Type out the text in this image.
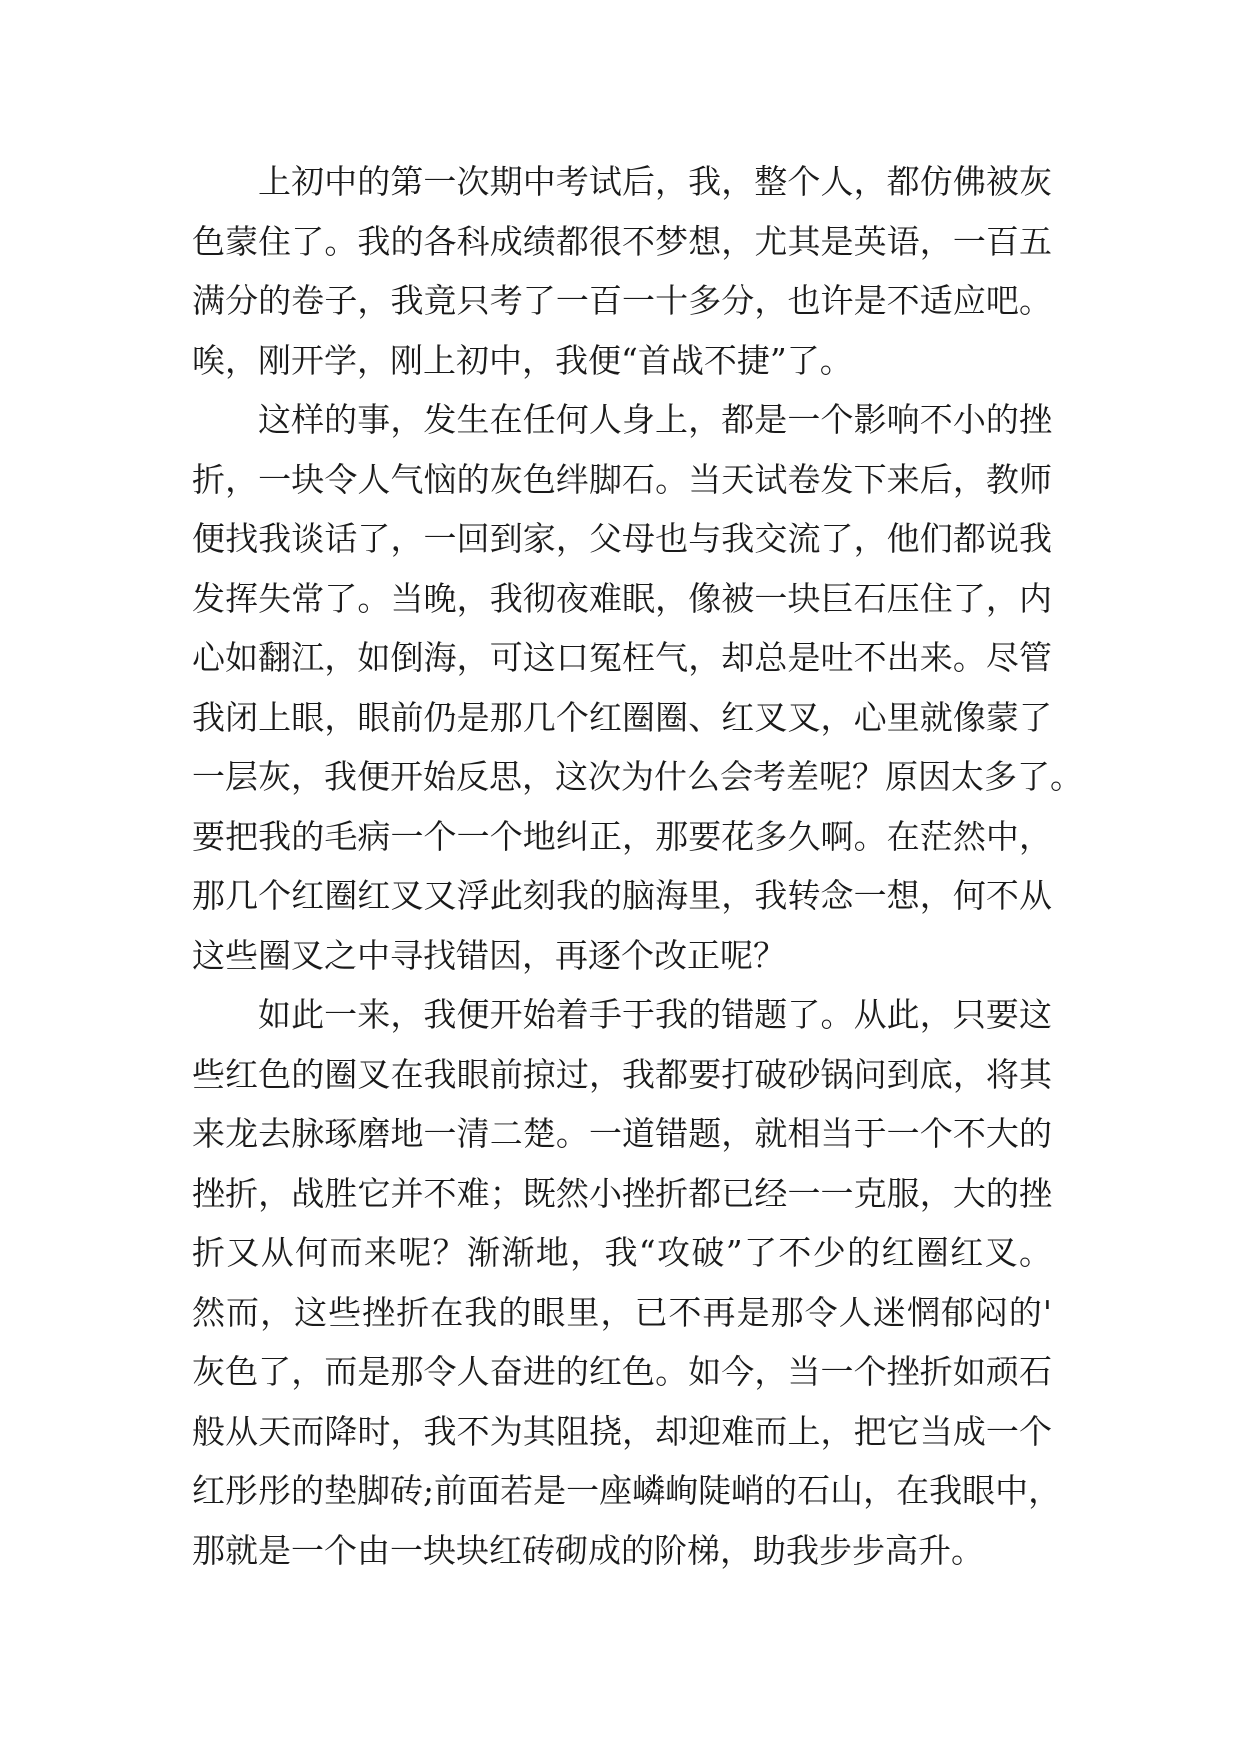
上初中的第一次期中考试后，我，整个人，都仿佛被灰
色蒙住了。我的各科成绩都很不梦想，尤其是英语，一百五
满分的卷子，我竟只考了一百一十多分，也许是不适应吧。
唉，刚开学，刚上初中，我便“首战不捷”了。
这样的事，发生在任何人身上，都是一个影响不小的挫
折，一块令人气恼的灰色绊脚石。当天试卷发下来后，教师
便找我谈话了，一回到家，父母也与我交流了，他们都说我
发挥失常了。当晚，我彻夜难眠，像被一块巨石压住了，内
心如翻江，如倒海，可这口冤枉气，却总是吐不出来。尽管
我闭上眼，眼前仍是那几个红圈圈、红叉叉，心里就像蒙了
一层灰，我便开始反思，这次为什么会考差呢？原因太多了。
要把我的毛病一个一个地纠正，那要花多久啊。在茫然中，
那几个红圈红叉又浮此刻我的脑海里，我转念一想，何不从
这些圈叉之中寻找错因，再逐个改正呢？
如此一来，我便开始着手于我的错题了。从此，只要这
些红色的圈叉在我眼前掠过，我都要打破砂锅问到底，将其
来龙去脉琢磨地一清二楚。一道错题，就相当于一个不大的
挫折，战胜它并不难；既然小挫折都已经一一克服，大的挫
折又从何而来呢？渐渐地，我“攻破”了不少的红圈红叉。
然而，这些挫折在我的眼里，已不再是那令人迷惘郁闷的'
灰色了，而是那令人奋进的红色。如今，当一个挫折如顽石
般从天而降时，我不为其阻挠，却迎难而上，把它当成一个
红彤彤的垫脚砖;前面若是一座嶙峋陡峭的石山，在我眼中，
那就是一个由一块块红砖砌成的阶梯，助我步步高升。
